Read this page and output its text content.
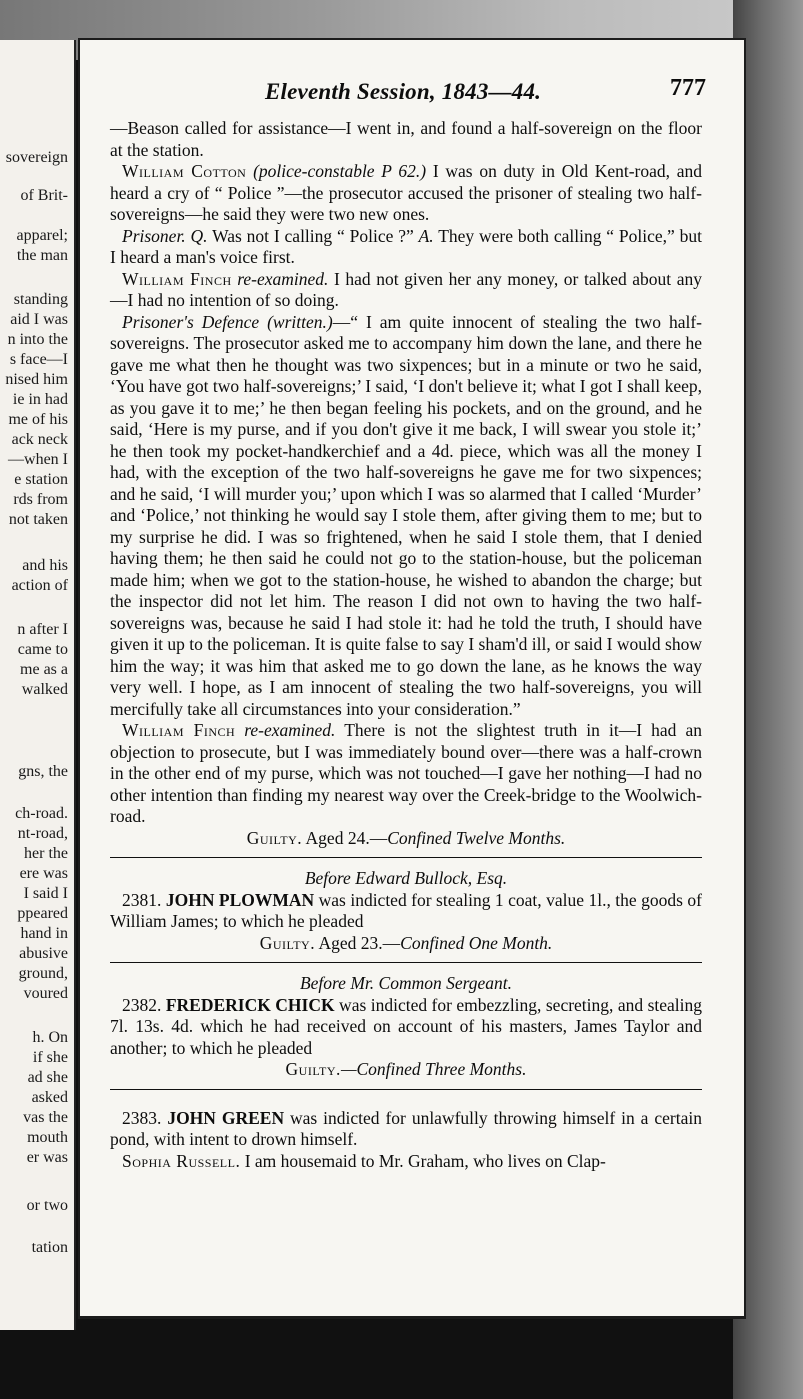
sovereign
of Brit-
apparel;
the man
standing
aid I was
n into the
s face—I
nised him
ie in had
me of his
ack neck
—when I
e station
rds from
not taken
and his
action of
n after I
came to
me as a
walked
gns, the
ch-road.
nt-road,
her the
ere was
I said I
ppeared
hand in
abusive
ground,
voured
h. On
if she
ad she
asked
vas the
mouth
er was
or two
tation
Eleventh Session, 1843—44.	777

—Beason called for assistance—I went in, and found a half-sovereign on the floor at the station.

William Cotton (police-constable P 62.) I was on duty in Old Kent-road, and heard a cry of “ Police ”—the prosecutor accused the prisoner of stealing two half-sovereigns—he said they were two new ones.

Prisoner. Q. Was not I calling “ Police ?” A. They were both calling “ Police,” but I heard a man's voice first.

William Finch re-examined. I had not given her any money, or talked about any—I had no intention of so doing.

Prisoner's Defence (written.)—“ I am quite innocent of stealing the two half-sovereigns. The prosecutor asked me to accompany him down the lane, and there he gave me what then he thought was two sixpences; but in a minute or two he said, ‘You have got two half-sovereigns;’ I said, ‘I don't believe it; what I got I shall keep, as you gave it to me;’ he then began feeling his pockets, and on the ground, and he said, ‘Here is my purse, and if you don't give it me back, I will swear you stole it;’ he then took my pocket-handkerchief and a 4d. piece, which was all the money I had, with the exception of the two half-sovereigns he gave me for two sixpences; and he said, ‘I will murder you;’ upon which I was so alarmed that I called ‘Murder’ and ‘Police,’ not thinking he would say I stole them, after giving them to me; but to my surprise he did. I was so frightened, when he said I stole them, that I denied having them; he then said he could not go to the station-house, but the policeman made him; when we got to the station-house, he wished to abandon the charge; but the inspector did not let him. The reason I did not own to having the two half-sovereigns was, because he said I had stole it: had he told the truth, I should have given it up to the policeman. It is quite false to say I sham'd ill, or said I would show him the way; it was him that asked me to go down the lane, as he knows the way very well. I hope, as I am innocent of stealing the two half-sovereigns, you will mercifully take all circumstances into your consideration.”

William Finch re-examined. There is not the slightest truth in it—I had an objection to prosecute, but I was immediately bound over—there was a half-crown in the other end of my purse, which was not touched—I gave her nothing—I had no other intention than finding my nearest way over the Creek-bridge to the Woolwich-road.

Guilty. Aged 24.—Confined Twelve Months.

Before Edward Bullock, Esq.

2381. JOHN PLOWMAN was indicted for stealing 1 coat, value 1l., the goods of William James; to which he pleaded

Guilty. Aged 23.—Confined One Month.

Before Mr. Common Sergeant.

2382. FREDERICK CHICK was indicted for embezzling, secreting, and stealing 7l. 13s. 4d. which he had received on account of his masters, James Taylor and another; to which he pleaded

Guilty.—Confined Three Months.

2383. JOHN GREEN was indicted for unlawfully throwing himself in a certain pond, with intent to drown himself.

Sophia Russell. I am housemaid to Mr. Graham, who lives on Clap-
